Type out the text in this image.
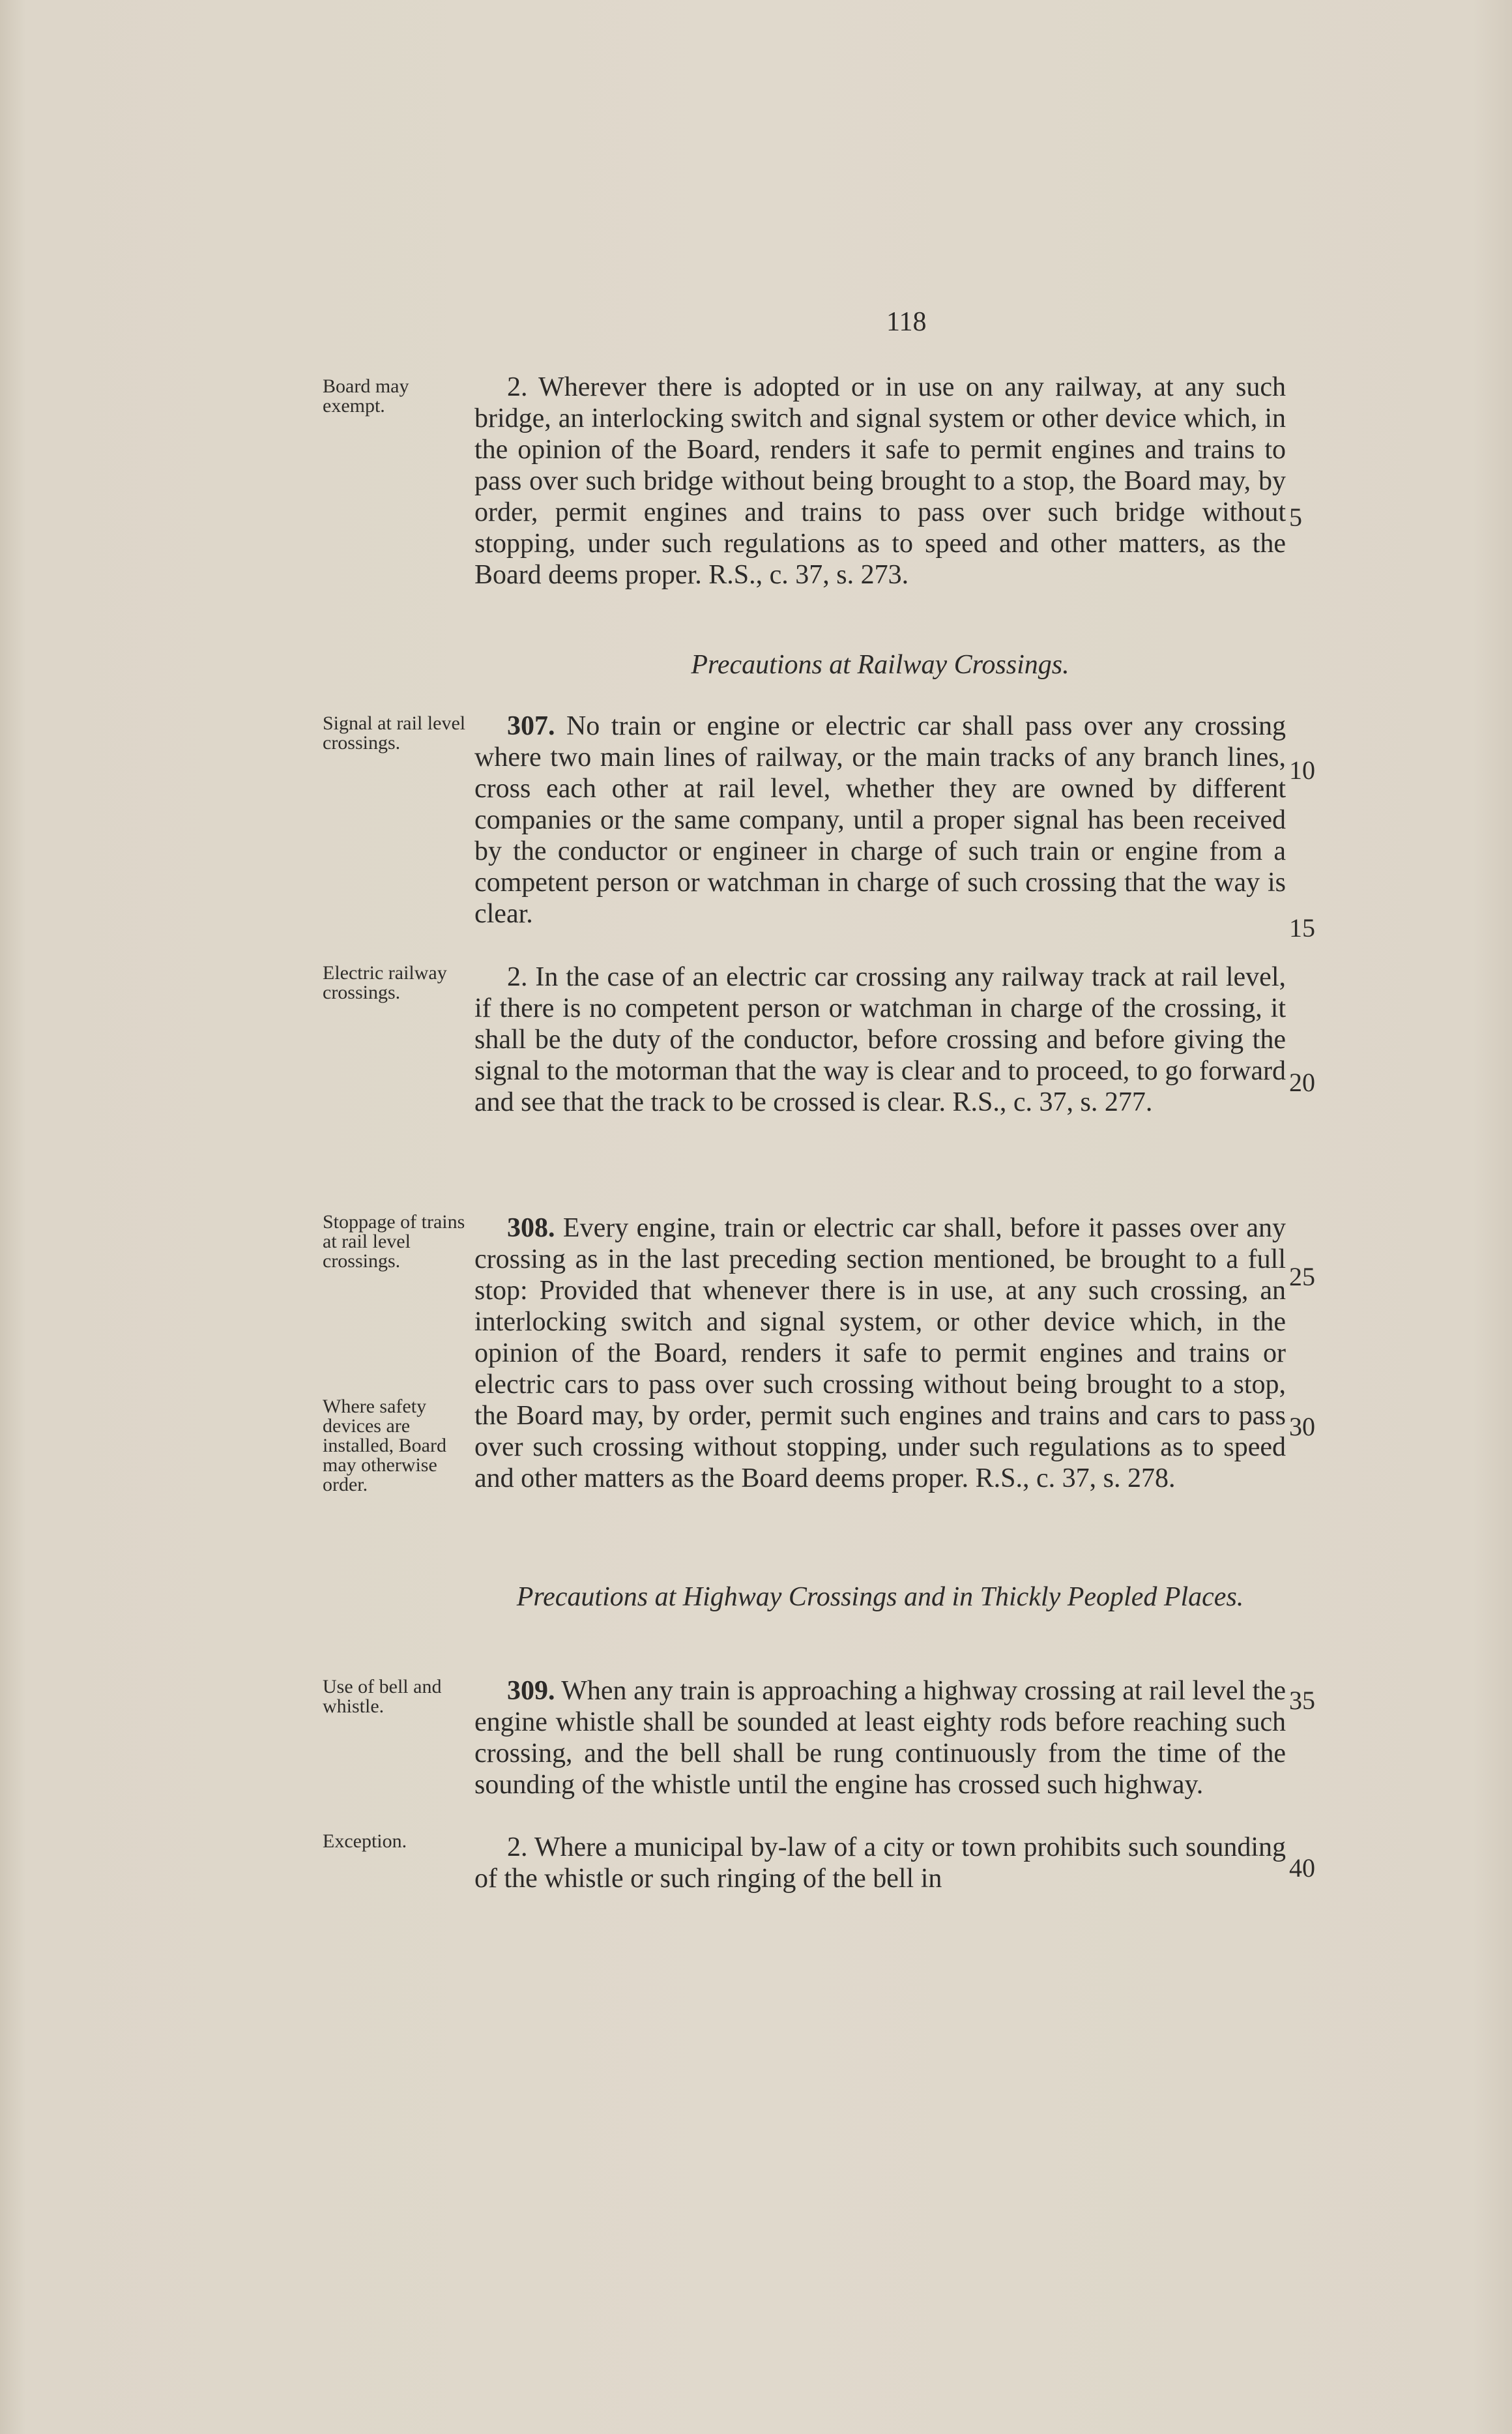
118
Board may exempt.
Signal at rail level crossings.
Electric railway crossings.
Stoppage of trains at rail level crossings.
Where safety devices are installed, Board may otherwise order.
Use of bell and whistle.
Exception.
5
10
15
20
25
30
35
40
2. Wherever there is adopted or in use on any railway, at any such bridge, an interlocking switch and signal system or other device which, in the opinion of the Board, renders it safe to permit engines and trains to pass over such bridge without being brought to a stop, the Board may, by order, permit engines and trains to pass over such bridge without stopping, under such regulations as to speed and other matters, as the Board deems proper. R.S., c. 37, s. 273.
Precautions at Railway Crossings.
307. No train or engine or electric car shall pass over any crossing where two main lines of railway, or the main tracks of any branch lines, cross each other at rail level, whether they are owned by different companies or the same company, until a proper signal has been received by the conductor or engineer in charge of such train or engine from a competent person or watchman in charge of such crossing that the way is clear.
2. In the case of an electric car crossing any railway track at rail level, if there is no competent person or watchman in charge of the crossing, it shall be the duty of the conductor, before crossing and before giving the signal to the motorman that the way is clear and to proceed, to go forward and see that the track to be crossed is clear. R.S., c. 37, s. 277.
308. Every engine, train or electric car shall, before it passes over any crossing as in the last preceding section mentioned, be brought to a full stop: Provided that whenever there is in use, at any such crossing, an interlocking switch and signal system, or other device which, in the opinion of the Board, renders it safe to permit engines and trains or electric cars to pass over such crossing without being brought to a stop, the Board may, by order, permit such engines and trains and cars to pass over such crossing without stopping, under such regulations as to speed and other matters as the Board deems proper. R.S., c. 37, s. 278.
Precautions at Highway Crossings and in Thickly Peopled Places.
309. When any train is approaching a highway crossing at rail level the engine whistle shall be sounded at least eighty rods before reaching such crossing, and the bell shall be rung continuously from the time of the sounding of the whistle until the engine has crossed such highway.
2. Where a municipal by-law of a city or town prohibits such sounding of the whistle or such ringing of the bell in
